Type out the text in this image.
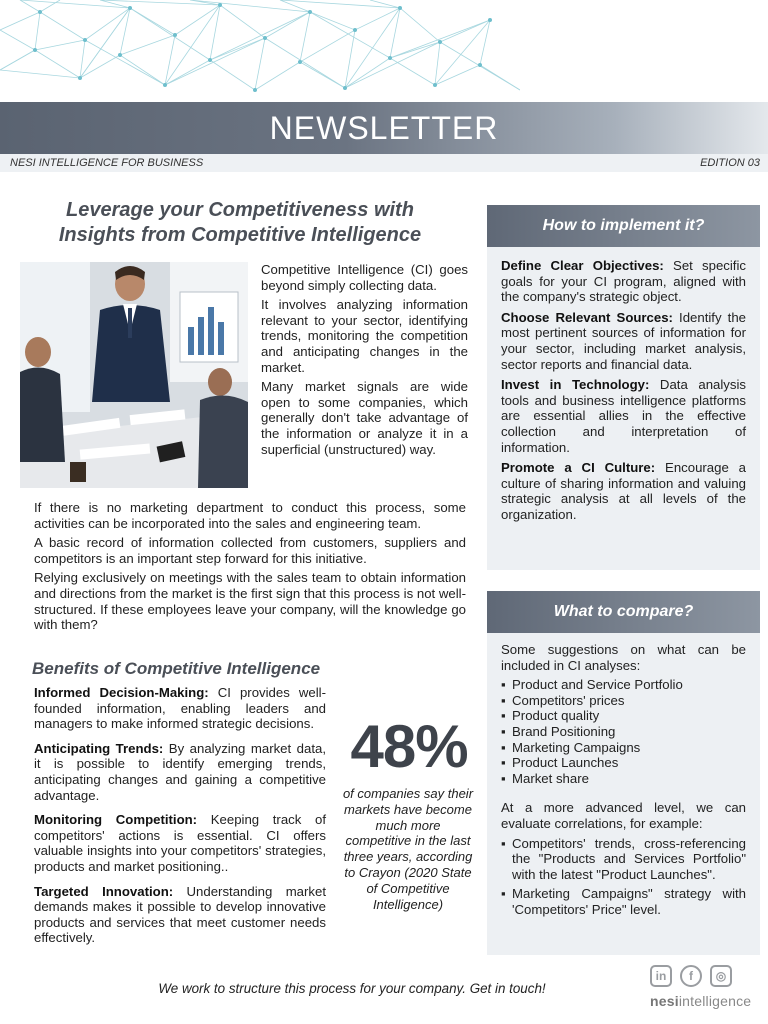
NEWSLETTER
NESI INTELLIGENCE FOR BUSINESS	EDITION 03
Leverage your Competitiveness with
Insights from Competitive Intelligence

Competitive Intelligence (CI) goes beyond simply collecting data.

It involves analyzing information relevant to your sector, identifying trends, monitoring the competition and anticipating changes in the market.

Many market signals are wide open to some companies, which generally don't take advantage of the information or analyze it in a superficial (unstructured) way.

If there is no marketing department to conduct this process, some activities can be incorporated into the sales and engineering team.

A basic record of information collected from customers, suppliers and competitors is an important step forward for this initiative.

Relying exclusively on meetings with the sales team to obtain information and directions from the market is the first sign that this process is not well-structured. If these employees leave your company, will the knowledge go with them?

Benefits of Competitive Intelligence

Informed Decision-Making: CI provides well-founded information, enabling leaders and managers to make informed strategic decisions.

Anticipating Trends: By analyzing market data, it is possible to identify emerging trends, anticipating changes and gaining a competitive advantage.

Monitoring Competition: Keeping track of competitors' actions is essential. CI offers valuable insights into your competitors' strategies, products and market positioning..

Targeted Innovation: Understanding market demands makes it possible to develop innovative products and services that meet customer needs effectively.

48%
of companies say their markets have become much more competitive in the last three years, according to Crayon (2020 State of Competitive Intelligence)
How to implement it?

Define Clear Objectives: Set specific goals for your CI program, aligned with the company's strategic object.

Choose Relevant Sources: Identify the most pertinent sources of information for your sector, including market analysis, sector reports and financial data.

Invest in Technology: Data analysis tools and business intelligence platforms are essential allies in the effective collection and interpretation of information.

Promote a CI Culture: Encourage a culture of sharing information and valuing strategic analysis at all levels of the organization.

What to compare?

Some suggestions on what can be included in CI analyses:

▪ Product and Service Portfolio
▪ Competitors' prices
▪ Product quality
▪ Brand Positioning
▪ Marketing Campaigns
▪ Product Launches
▪ Market share

At a more advanced level, we can evaluate correlations, for example:

▪ Competitors' trends, cross-referencing the "Products and Services Portfolio" with the latest "Product Launches".
▪ Marketing Campaigns" strategy with 'Competitors' Price" level.
We work to structure this process for your company. Get in touch!
in	f	◎
nesiintelligence
